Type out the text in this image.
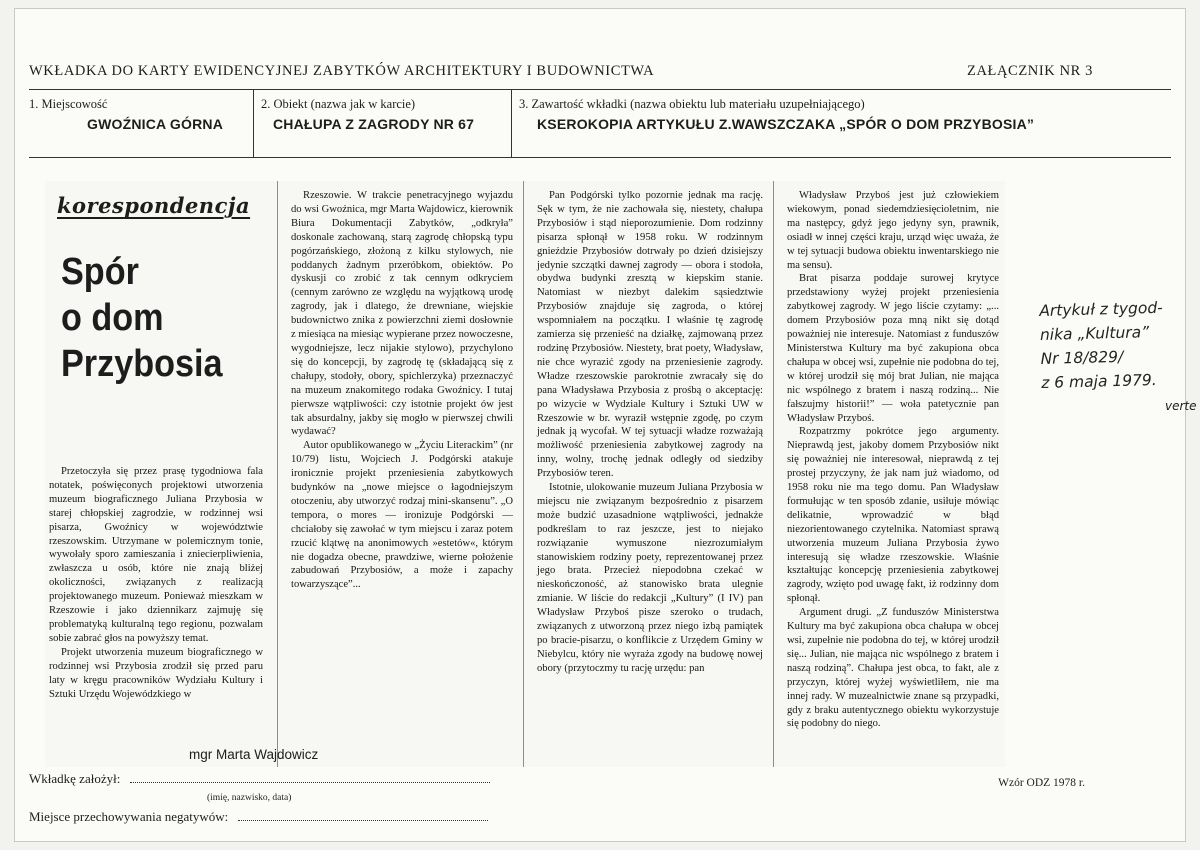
WKŁADKA DO KARTY EWIDENCYJNEJ ZABYTKÓW ARCHITEKTURY I BUDOWNICTWA	ZAŁĄCZNIK NR 3
1. Miejscowość
GWOŹNICA GÓRNA
2. Obiekt (nazwa jak w karcie)
CHAŁUPA Z ZAGRODY NR 67
3. Zawartość wkładki (nazwa obiektu lub materiału uzupełniającego)
KSEROKOPIA ARTYKUŁU Z.WAWSZCZAKA „SPÓR O DOM PRZYBOSIA”
korespondencja
Spór
o dom
Przybosia

Przetoczyła się przez prasę tygodniowa fala notatek, poświęconych projektowi utworzenia muzeum biograficznego Juliana Przybosia w starej chłopskiej zagrodzie, w rodzinnej wsi pisarza, Gwoźnicy w województwie rzeszowskim. Utrzymane w polemicznym tonie, wywołały sporo zamieszania i zniecierpliwienia, zwłaszcza u osób, które nie znają bliżej okoliczności, związanych z realizacją projektowanego muzeum. Ponieważ mieszkam w Rzeszowie i jako dziennikarz zajmuję się problematyką kulturalną tego regionu, pozwalam sobie zabrać głos na powyższy temat.

Projekt utworzenia muzeum biograficznego w rodzinnej wsi Przybosia zrodził się przed paru laty w kręgu pracowników Wydziału Kultury i Sztuki Urzędu Wojewódzkiego w

Rzeszowie. W trakcie penetracyjnego wyjazdu do wsi Gwoźnica, mgr Marta Wajdowicz, kierownik Biura Dokumentacji Zabytków, „odkryła” doskonale zachowaną, starą zagrodę chłopską typu pogórzańskiego, złożoną z kilku stylowych, nie poddanych żadnym przeróbkom, obiektów. Po dyskusji co zrobić z tak cennym odkryciem (cennym zarówno ze względu na wyjątkową urodę zagrody, jak i dlatego, że drewniane, wiejskie budownictwo znika z powierzchni ziemi dosłownie z miesiąca na miesiąc wypierane przez nowoczesne, wygodniejsze, lecz nijakie stylowo), przychylono się do koncepcji, by zagrodę tę (składającą się z chałupy, stodoły, obory, spichlerzyka) przeznaczyć na muzeum znakomitego rodaka Gwoźnicy. I tutaj pierwsze wątpliwości: czy istotnie projekt ów jest tak absurdalny, jakby się mogło w pierwszej chwili wydawać?

Autor opublikowanego w „Życiu Literackim” (nr 10/79) listu, Wojciech J. Podgórski atakuje ironicznie projekt przeniesienia zabytkowych budynków na „nowe miejsce o łagodniejszym otoczeniu, aby utworzyć rodzaj mini-skansenu”. „O tempora, o mores — ironizuje Podgórski — chciałoby się zawołać w tym miejscu i zaraz potem rzucić klątwę na anonimowych »estetów«, którym nie dogadza obecne, prawdziwe, wierne położenie zabudowań Przybosiów, a może i zapachy towarzyszące”...

Pan Podgórski tylko pozornie jednak ma rację. Sęk w tym, że nie zachowała się, niestety, chałupa Przybosiów i stąd nieporozumienie. Dom rodzinny pisarza spłonął w 1958 roku. W rodzinnym gnieździe Przybosiów dotrwały po dzień dzisiejszy jedynie szczątki dawnej zagrody — obora i stodoła, obydwa budynki zresztą w kiepskim stanie. Natomiast w niezbyt dalekim sąsiedztwie Przybosiów znajduje się zagroda, o której wspomniałem na początku. I właśnie tę zagrodę zamierza się przenieść na działkę, zajmowaną przez rodzinę Przybosiów. Niestety, brat poety, Władysław, nie chce wyrazić zgody na przeniesienie zagrody. Władze rzeszowskie parokrotnie zwracały się do pana Władysława Przybosia z prośbą o akceptację: po wizycie w Wydziale Kultury i Sztuki UW w Rzeszowie w br. wyraził wstępnie zgodę, po czym jednak ją wycofał. W tej sytuacji władze rozważają możliwość przeniesienia zabytkowej zagrody na inny, wolny, trochę jednak odległy od siedziby Przybosiów teren.

Istotnie, ulokowanie muzeum Juliana Przybosia w miejscu nie związanym bezpośrednio z pisarzem może budzić uzasadnione wątpliwości, jednakże podkreślam to raz jeszcze, jest to niejako rozwiązanie wymuszone niezrozumiałym stanowiskiem rodziny poety, reprezentowanej przez jego brata. Przecież niepodobna czekać w nieskończoność, aż stanowisko brata ulegnie zmianie. W liście do redakcji „Kultury” (I IV) pan Władysław Przyboś pisze szeroko o trudach, związanych z utworzoną przez niego izbą pamiątek po bracie-pisarzu, o konflikcie z Urzędem Gminy w Niebylcu, który nie wyraża zgody na budowę nowej obory (przytoczmy tu rację urzędu: pan

Władysław Przyboś jest już człowiekiem wiekowym, ponad siedemdziesięcioletnim, nie ma następcy, gdyż jego jedyny syn, prawnik, osiadł w innej części kraju, urząd więc uważa, że w tej sytuacji budowa obiektu inwentarskiego nie ma sensu).

Brat pisarza poddaje surowej krytyce przedstawiony wyżej projekt przeniesienia zabytkowej zagrody. W jego liście czytamy: „... domem Przybosiów poza mną nikt się dotąd poważniej nie interesuje. Natomiast z funduszów Ministerstwa Kultury ma być zakupiona obca chałupa w obcej wsi, zupełnie nie podobna do tej, w której urodził się mój brat Julian, nie mająca nic wspólnego z bratem i naszą rodziną... Nie fałszujmy historii!” — woła patetycznie pan Władysław Przyboś.

Rozpatrzmy pokrótce jego argumenty. Nieprawdą jest, jakoby domem Przybosiów nikt się poważniej nie interesował, nieprawdą z tej prostej przyczyny, że jak nam już wiadomo, od 1958 roku nie ma tego domu. Pan Władysław formułując w ten sposób zdanie, usiłuje mówiąc delikatnie, wprowadzić w błąd niezorientowanego czytelnika. Natomiast sprawą utworzenia muzeum Juliana Przybosia żywo interesują się władze rzeszowskie. Właśnie kształtując koncepcję przeniesienia zabytkowej zagrody, wzięto pod uwagę fakt, iż rodzinny dom spłonął.

Argument drugi. „Z funduszów Ministerstwa Kultury ma być zakupiona obca chałupa w obcej wsi, zupełnie nie podobna do tej, w której urodził się... Julian, nie mająca nic wspólnego z bratem i naszą rodziną”. Chałupa jest obca, to fakt, ale z przyczyn, której wyżej wyświetliłem, nie ma innej rady. W muzealnictwie znane są przypadki, gdy z braku autentycznego obiektu wykorzystuje się podobny do niego.

mgr Marta Wajdowicz
Wkładkę założył:
(imię, nazwisko, data)
Miejsce przechowywania negatywów:
Wzór ODZ 1978 r.
Artykuł z tygod-
nika „Kultura”
Nr 18/829/
z 6 maja 1979.
verte
